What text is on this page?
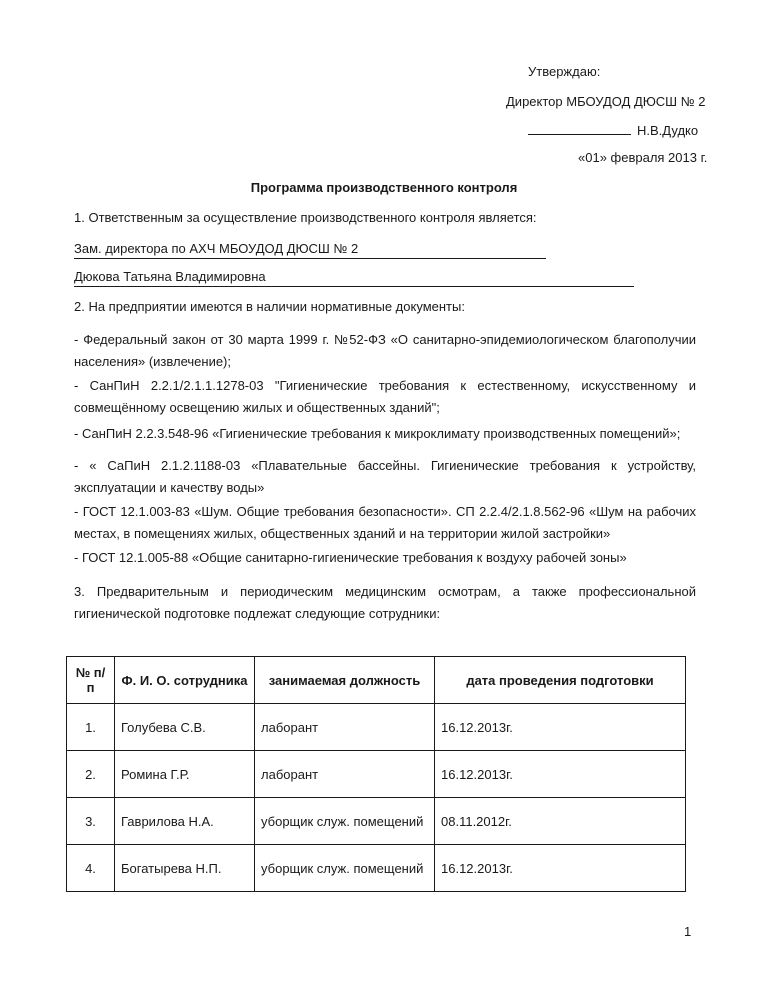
Утверждаю:
Директор МБОУДОД ДЮСШ № 2
Н.В.Дудко
«01» февраля 2013 г.
Программа производственного контроля
1. Ответственным за осуществление производственного контроля является:
Зам. директора по АХЧ МБОУДОД ДЮСШ № 2
Дюкова Татьяна Владимировна
2. На предприятии имеются в наличии нормативные документы:
- Федеральный закон от 30 марта 1999 г. №52-ФЗ «О санитарно-эпидемиологическом благополучии населения» (извлечение);
- СанПиН 2.2.1/2.1.1.1278-03 "Гигиенические требования к естественному, искусственному и совмещённому освещению жилых и общественных зданий";
- СанПиН 2.2.3.548-96 «Гигиенические требования к микроклимату производственных помещений»;
- « СаПиН 2.1.2.1188-03 «Плавательные бассейны. Гигиенические требования к устройству, эксплуатации и качеству воды»
- ГОСТ 12.1.003-83 «Шум. Общие требования безопасности». СП 2.2.4/2.1.8.562-96 «Шум на рабочих местах, в помещениях жилых, общественных зданий и на территории жилой застройки»
- ГОСТ 12.1.005-88 «Общие санитарно-гигиенические требования к воздуху рабочей зоны»
3. Предварительным и периодическим медицинским осмотрам, а также профессиональной гигиенической подготовке подлежат следующие сотрудники:
№ п/п	Ф. И. О. сотрудника	занимаемая должность	дата проведения подготовки
1.	Голубева С.В.	лаборант	16.12.2013г.
2.	Ромина Г.Р.	лаборант	16.12.2013г.
3.	Гаврилова Н.А.	уборщик служ. помещений	08.11.2012г.
4.	Богатырева Н.П.	уборщик служ. помещений	16.12.2013г.
1
